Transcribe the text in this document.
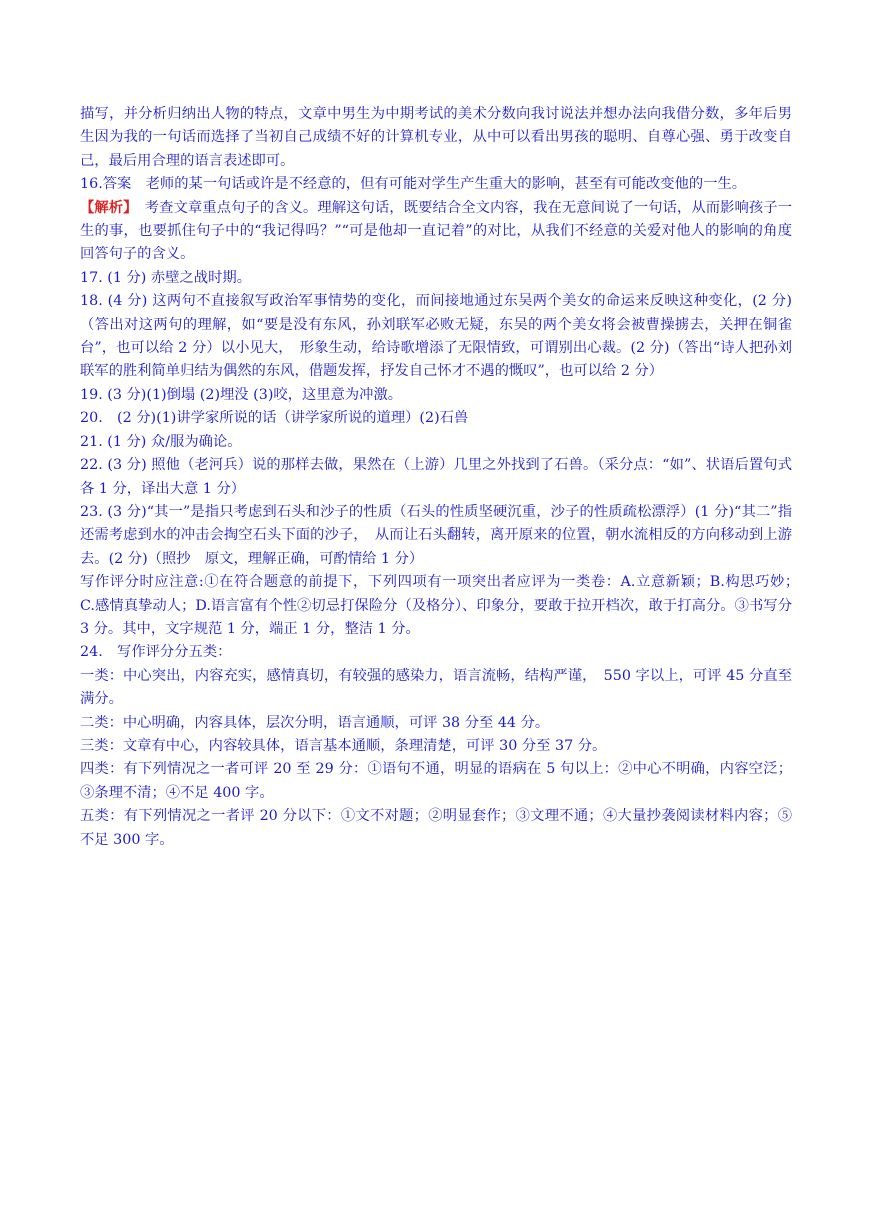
描写，并分析归纳出人物的特点，文章中男生为中期考试的美术分数向我讨说法并想办法向我借分数，多年后男生因为我的一句话而选择了当初自己成绩不好的计算机专业，从中可以看出男孩的聪明、自尊心强、勇于改变自己，最后用合理的语言表述即可。

16.答案　老师的某一句话或许是不经意的，但有可能对学生产生重大的影响，甚至有可能改变他的一生。

【解析】　考查文章重点句子的含义。理解这句话，既要结合全文内容，我在无意间说了一句话，从而影响孩子一生的事，也要抓住句子中的“我记得吗？”“可是他却一直记着”的对比，从我们不经意的关爱对他人的影响的角度回答句子的含义。

17. (1 分) 赤壁之战时期。

18. (4 分) 这两句不直接叙写政治军事情势的变化，而间接地通过东吴两个美女的命运来反映这种变化，(2 分)（答出对这两句的理解，如“要是没有东风，孙刘联军必败无疑，东吴的两个美女将会被曹操掳去，关押在铜雀台”，也可以给 2 分）以小见大，　形象生动，给诗歌增添了无限情致，可谓别出心裁。(2 分)（答出“诗人把孙刘联军的胜利简单归结为偶然的东风，借题发挥，抒发自己怀才不遇的慨叹”，也可以给 2 分）

19. (3 分)(1)倒塌 (2)埋没 (3)咬，这里意为冲激。

20.　(2 分)(1)讲学家所说的话（讲学家所说的道理）(2)石兽

21. (1 分) 众/服为确论。

22. (3 分) 照他（老河兵）说的那样去做，果然在（上游）几里之外找到了石兽。（采分点：“如”、状语后置句式各 1 分，译出大意 1 分）

23. (3 分)“其一”是指只考虑到石头和沙子的性质（石头的性质坚硬沉重，沙子的性质疏松漂浮）(1 分)“其二”指还需考虑到水的冲击会掏空石头下面的沙子，　从而让石头翻转，离开原来的位置，朝水流相反的方向移动到上游去。(2 分)（照抄　原文，理解正确，可酌情给 1 分）

写作评分时应注意:①在符合题意的前提下，下列四项有一项突出者应评为一类卷：A.立意新颖；B.构思巧妙；　C.感情真挚动人；D.语言富有个性②切忌打保险分（及格分）、印象分，要敢于拉开档次，敢于打高分。③书写分 3 分。其中，文字规范 1 分，端正 1 分，整洁 1 分。

24.　写作评分分五类：

一类：中心突出，内容充实，感情真切，有较强的感染力，语言流畅，结构严谨，　550 字以上，可评 45 分直至满分。

二类：中心明确，内容具体，层次分明，语言通顺，可评 38 分至 44 分。

三类：文章有中心，内容较具体，语言基本通顺，条理清楚，可评 30 分至 37 分。

四类：有下列情况之一者可评 20 至 29 分：①语句不通，明显的语病在 5 句以上：②中心不明确，内容空泛；③条理不清；④不足 400 字。

五类：有下列情况之一者评 20 分以下：①文不对题；②明显套作；③文理不通；④大量抄袭阅读材料内容；⑤不足 300 字。
